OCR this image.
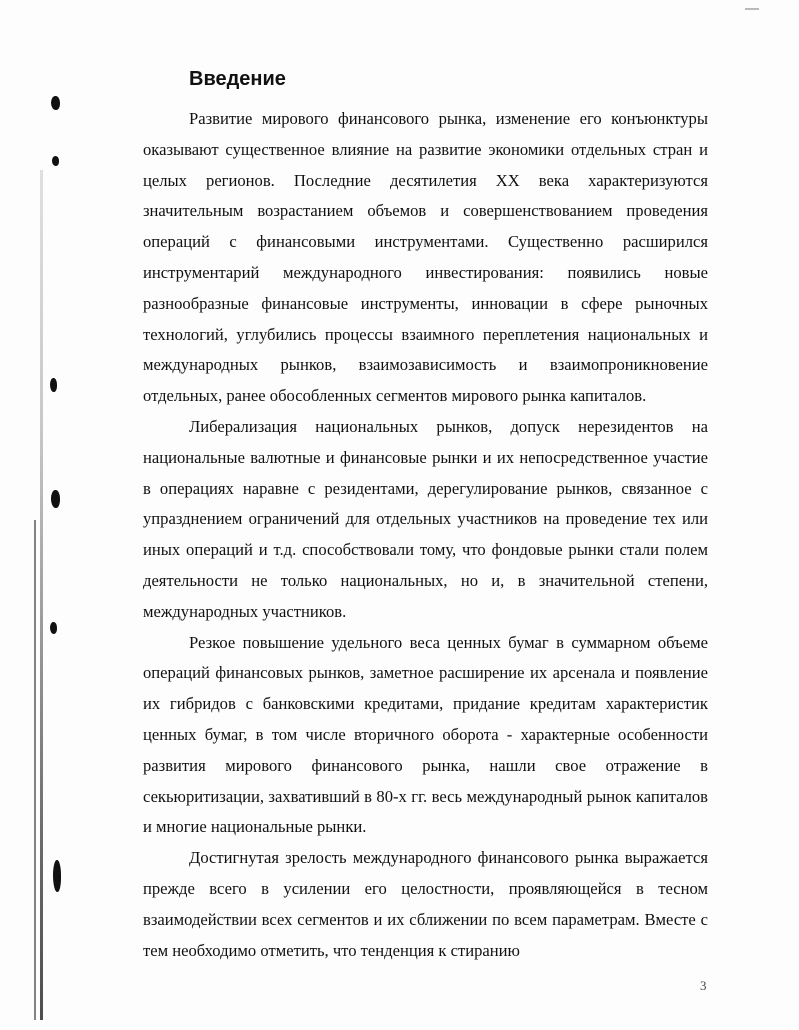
Введение

Развитие мирового финансового рынка, изменение его конъюнктуры оказывают существенное влияние на развитие экономики отдельных стран и целых регионов. Последние десятилетия XX века характеризуются значительным возрастанием объемов и совершенствованием проведения операций с финансовыми инструментами. Существенно расширился инструментарий международного инвестирования: появились новые разнообразные финансовые инструменты, инновации в сфере рыночных технологий, углубились процессы взаимного переплетения национальных и международных рынков, взаимозависимость и взаимопроникновение отдельных, ранее обособленных сегментов мирового рынка капиталов.

Либерализация национальных рынков, допуск нерезидентов на национальные валютные и финансовые рынки и их непосредственное участие в операциях наравне с резидентами, дерегулирование рынков, связанное с упразднением ограничений для отдельных участников на проведение тех или иных операций и т.д. способствовали тому, что фондовые рынки стали полем деятельности не только национальных, но и, в значительной степени, международных участников.

Резкое повышение удельного веса ценных бумаг в суммарном объеме операций финансовых рынков, заметное расширение их арсенала и появление их гибридов с банковскими кредитами, придание кредитам характеристик ценных бумаг, в том числе вторичного оборота - характерные особенности развития мирового финансового рынка, нашли свое отражение в секьюритизации, захвативший в 80-х гг. весь международный рынок капиталов и многие национальные рынки.

Достигнутая зрелость международного финансового рынка выражается прежде всего в усилении его целостности, проявляющейся в тесном взаимодействии всех сегментов и их сближении по всем параметрам. Вместе с тем необходимо отметить, что тенденция к стиранию

3
